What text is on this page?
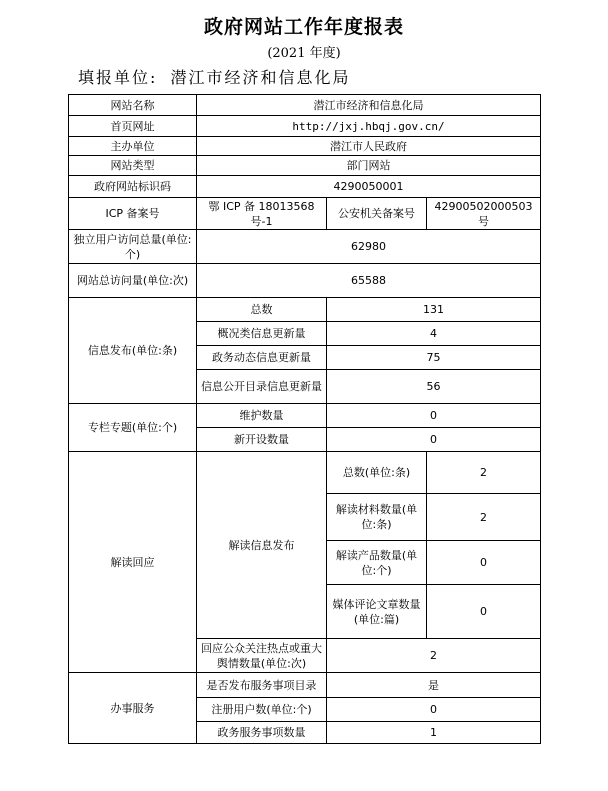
政府网站工作年度报表
(2021 年度)
填报单位: 潜江市经济和信息化局
网站名称	潜江市经济和信息化局		
首页网址	http://jxj.hbqj.gov.cn/		
主办单位	潜江市人民政府		
网站类型	部门网站		
政府网站标识码	4290050001		
ICP 备案号	鄂 ICP 备 18013568 号-1	公安机关备案号	42900502000503 号
独立用户访问总量(单位:个)	62980		
网站总访问量(单位:次)	65588		
信息发布(单位:条)	总数	131	
	概况类信息更新量	4	
	政务动态信息更新量	75	
	信息公开目录信息更新量	56	
专栏专题(单位:个)	维护数量	0	
	新开设数量	0	
解读回应	解读信息发布	总数(单位:条)	2
		解读材料数量(单位:条)	2
		解读产品数量(单位:个)	0
		媒体评论文章数量(单位:篇)	0
	回应公众关注热点或重大舆情数量(单位:次)	2	
办事服务	是否发布服务事项目录	是	
	注册用户数(单位:个)	0	
	政务服务事项数量	1	
